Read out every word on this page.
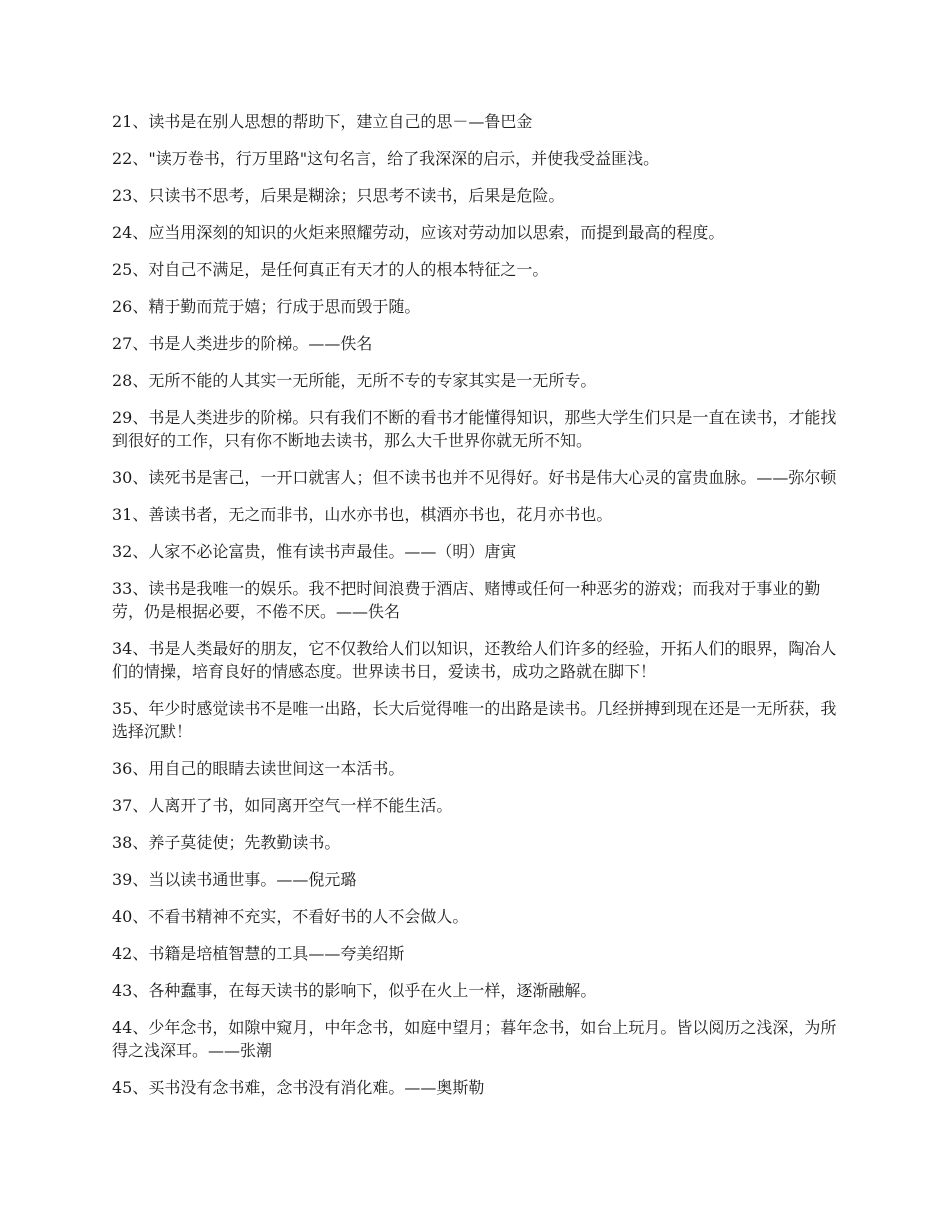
21、读书是在别人思想的帮助下，建立自己的思－—鲁巴金
22、"读万卷书，行万里路"这句名言，给了我深深的启示，并使我受益匪浅。
23、只读书不思考，后果是糊涂；只思考不读书，后果是危险。
24、应当用深刻的知识的火炬来照耀劳动，应该对劳动加以思索，而提到最高的程度。
25、对自己不满足，是任何真正有天才的人的根本特征之一。
26、精于勤而荒于嬉；行成于思而毁于随。
27、书是人类进步的阶梯。——佚名
28、无所不能的人其实一无所能，无所不专的专家其实是一无所专。
29、书是人类进步的阶梯。只有我们不断的看书才能懂得知识，那些大学生们只是一直在读书，才能找到很好的工作，只有你不断地去读书，那么大千世界你就无所不知。
30、读死书是害己，一开口就害人；但不读书也并不见得好。好书是伟大心灵的富贵血脉。——弥尔顿
31、善读书者，无之而非书，山水亦书也，棋酒亦书也，花月亦书也。
32、人家不必论富贵，惟有读书声最佳。——（明）唐寅
33、读书是我唯一的娱乐。我不把时间浪费于酒店、赌博或任何一种恶劣的游戏；而我对于事业的勤劳，仍是根据必要，不倦不厌。——佚名
34、书是人类最好的朋友，它不仅教给人们以知识，还教给人们许多的经验，开拓人们的眼界，陶冶人们的情操，培育良好的情感态度。世界读书日，爱读书，成功之路就在脚下！
35、年少时感觉读书不是唯一出路，长大后觉得唯一的出路是读书。几经拼搏到现在还是一无所获，我选择沉默！
36、用自己的眼睛去读世间这一本活书。
37、人离开了书，如同离开空气一样不能生活。
38、养子莫徒使；先教勤读书。
39、当以读书通世事。——倪元璐
40、不看书精神不充实，不看好书的人不会做人。
42、书籍是培植智慧的工具——夸美绍斯
43、各种蠢事，在每天读书的影响下，似乎在火上一样，逐渐融解。
44、少年念书，如隙中窥月，中年念书，如庭中望月；暮年念书，如台上玩月。皆以阅历之浅深，为所得之浅深耳。——张潮
45、买书没有念书难，念书没有消化难。——奥斯勒
